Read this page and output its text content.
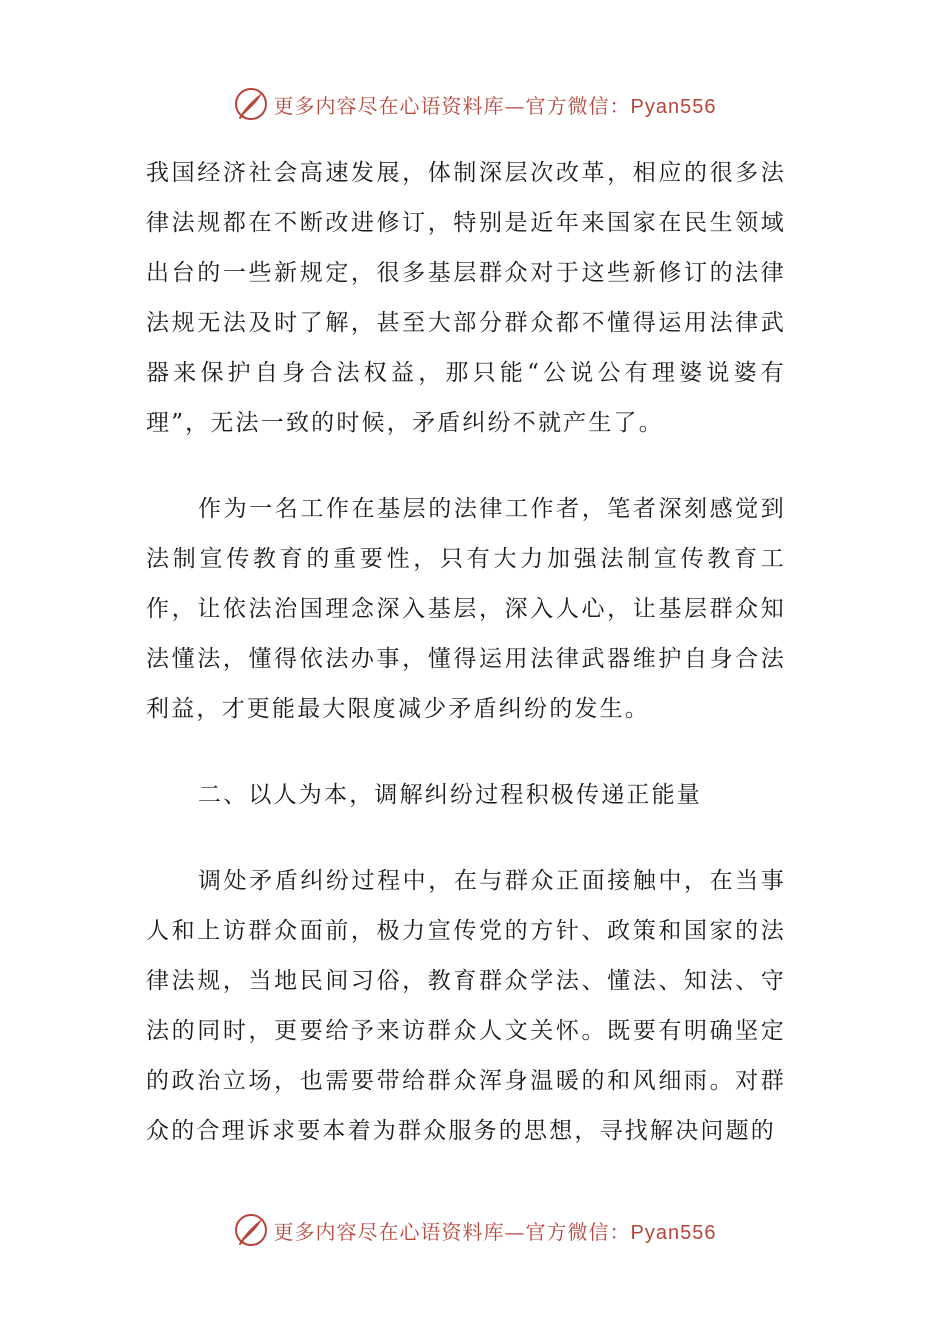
更多内容尽在心语资料库—官方微信：Pyan556

我国经济社会高速发展，体制深层次改革，相应的很多法律法规都在不断改进修订，特别是近年来国家在民生领域出台的一些新规定，很多基层群众对于这些新修订的法律法规无法及时了解，甚至大部分群众都不懂得运用法律武器来保护自身合法权益，那只能“公说公有理婆说婆有理”，无法一致的时候，矛盾纠纷不就产生了。

作为一名工作在基层的法律工作者，笔者深刻感觉到法制宣传教育的重要性，只有大力加强法制宣传教育工作，让依法治国理念深入基层，深入人心，让基层群众知法懂法，懂得依法办事，懂得运用法律武器维护自身合法利益，才更能最大限度减少矛盾纠纷的发生。

二、以人为本，调解纠纷过程积极传递正能量

调处矛盾纠纷过程中，在与群众正面接触中，在当事人和上访群众面前，极力宣传党的方针、政策和国家的法律法规，当地民间习俗，教育群众学法、懂法、知法、守法的同时，更要给予来访群众人文关怀。既要有明确坚定的政治立场，也需要带给群众浑身温暖的和风细雨。对群众的合理诉求要本着为群众服务的思想，寻找解决问题的

更多内容尽在心语资料库—官方微信：Pyan556
